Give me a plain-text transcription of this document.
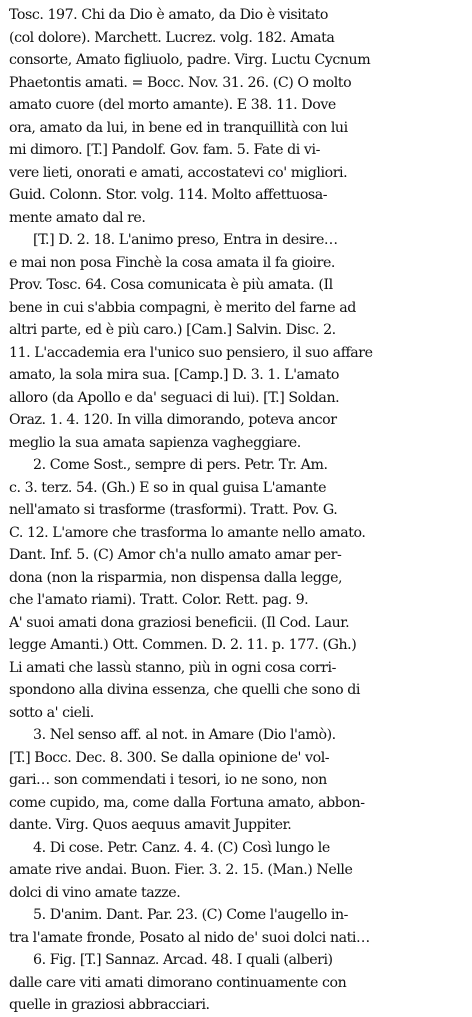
Tosc. 197. Chi da Dio è amato, da Dio è visitato
(col dolore). Marchett. Lucrez. volg. 182. Amata
consorte, Amato figliuolo, padre. Virg. Luctu Cycnum
Phaetontis amati. = Bocc. Nov. 31. 26. (C) O molto
amato cuore (del morto amante). E 38. 11. Dove
ora, amato da lui, in bene ed in tranquillità con lui
mi dimoro. [T.] Pandolf. Gov. fam. 5. Fate di vi-
vere lieti, onorati e amati, accostatevi co' migliori.
Guid. Colonn. Stor. volg. 114. Molto affettuosa-
mente amato dal re.
[T.] D. 2. 18. L'animo preso, Entra in desire…
e mai non posa Finchè la cosa amata il fa gioire.
Prov. Tosc. 64. Cosa comunicata è più amata. (Il
bene in cui s'abbia compagni, è merito del farne ad
altri parte, ed è più caro.) [Cam.] Salvin. Disc. 2.
11. L'accademia era l'unico suo pensiero, il suo affare
amato, la sola mira sua. [Camp.] D. 3. 1. L'amato
alloro (da Apollo e da' seguaci di lui). [T.] Soldan.
Oraz. 1. 4. 120. In villa dimorando, poteva ancor
meglio la sua amata sapienza vagheggiare.
2. Come Sost., sempre di pers. Petr. Tr. Am.
c. 3. terz. 54. (Gh.) E so in qual guisa L'amante
nell'amato si trasforme (trasformi). Tratt. Pov. G.
C. 12. L'amore che trasforma lo amante nello amato.
Dant. Inf. 5. (C) Amor ch'a nullo amato amar per-
dona (non la risparmia, non dispensa dalla legge,
che l'amato riami). Tratt. Color. Rett. pag. 9.
A' suoi amati dona graziosi beneficii. (Il Cod. Laur.
legge Amanti.) Ott. Commen. D. 2. 11. p. 177. (Gh.)
Li amati che lassù stanno, più in ogni cosa corri-
spondono alla divina essenza, che quelli che sono di
sotto a' cieli.
3. Nel senso aff. al not. in Amare (Dio l'amò).
[T.] Bocc. Dec. 8. 300. Se dalla opinione de' vol-
gari… son commendati i tesori, io ne sono, non
come cupido, ma, come dalla Fortuna amato, abbon-
dante. Virg. Quos aequus amavit Juppiter.
4. Di cose. Petr. Canz. 4. 4. (C) Così lungo le
amate rive andai. Buon. Fier. 3. 2. 15. (Man.) Nelle
dolci di vino amate tazze.
5. D'anim. Dant. Par. 23. (C) Come l'augello in-
tra l'amate fronde, Posato al nido de' suoi dolci nati…
6. Fig. [T.] Sannaz. Arcad. 48. I quali (alberi)
dalle care viti amati dimorano continuamente con
quelle in graziosi abbracciari.
